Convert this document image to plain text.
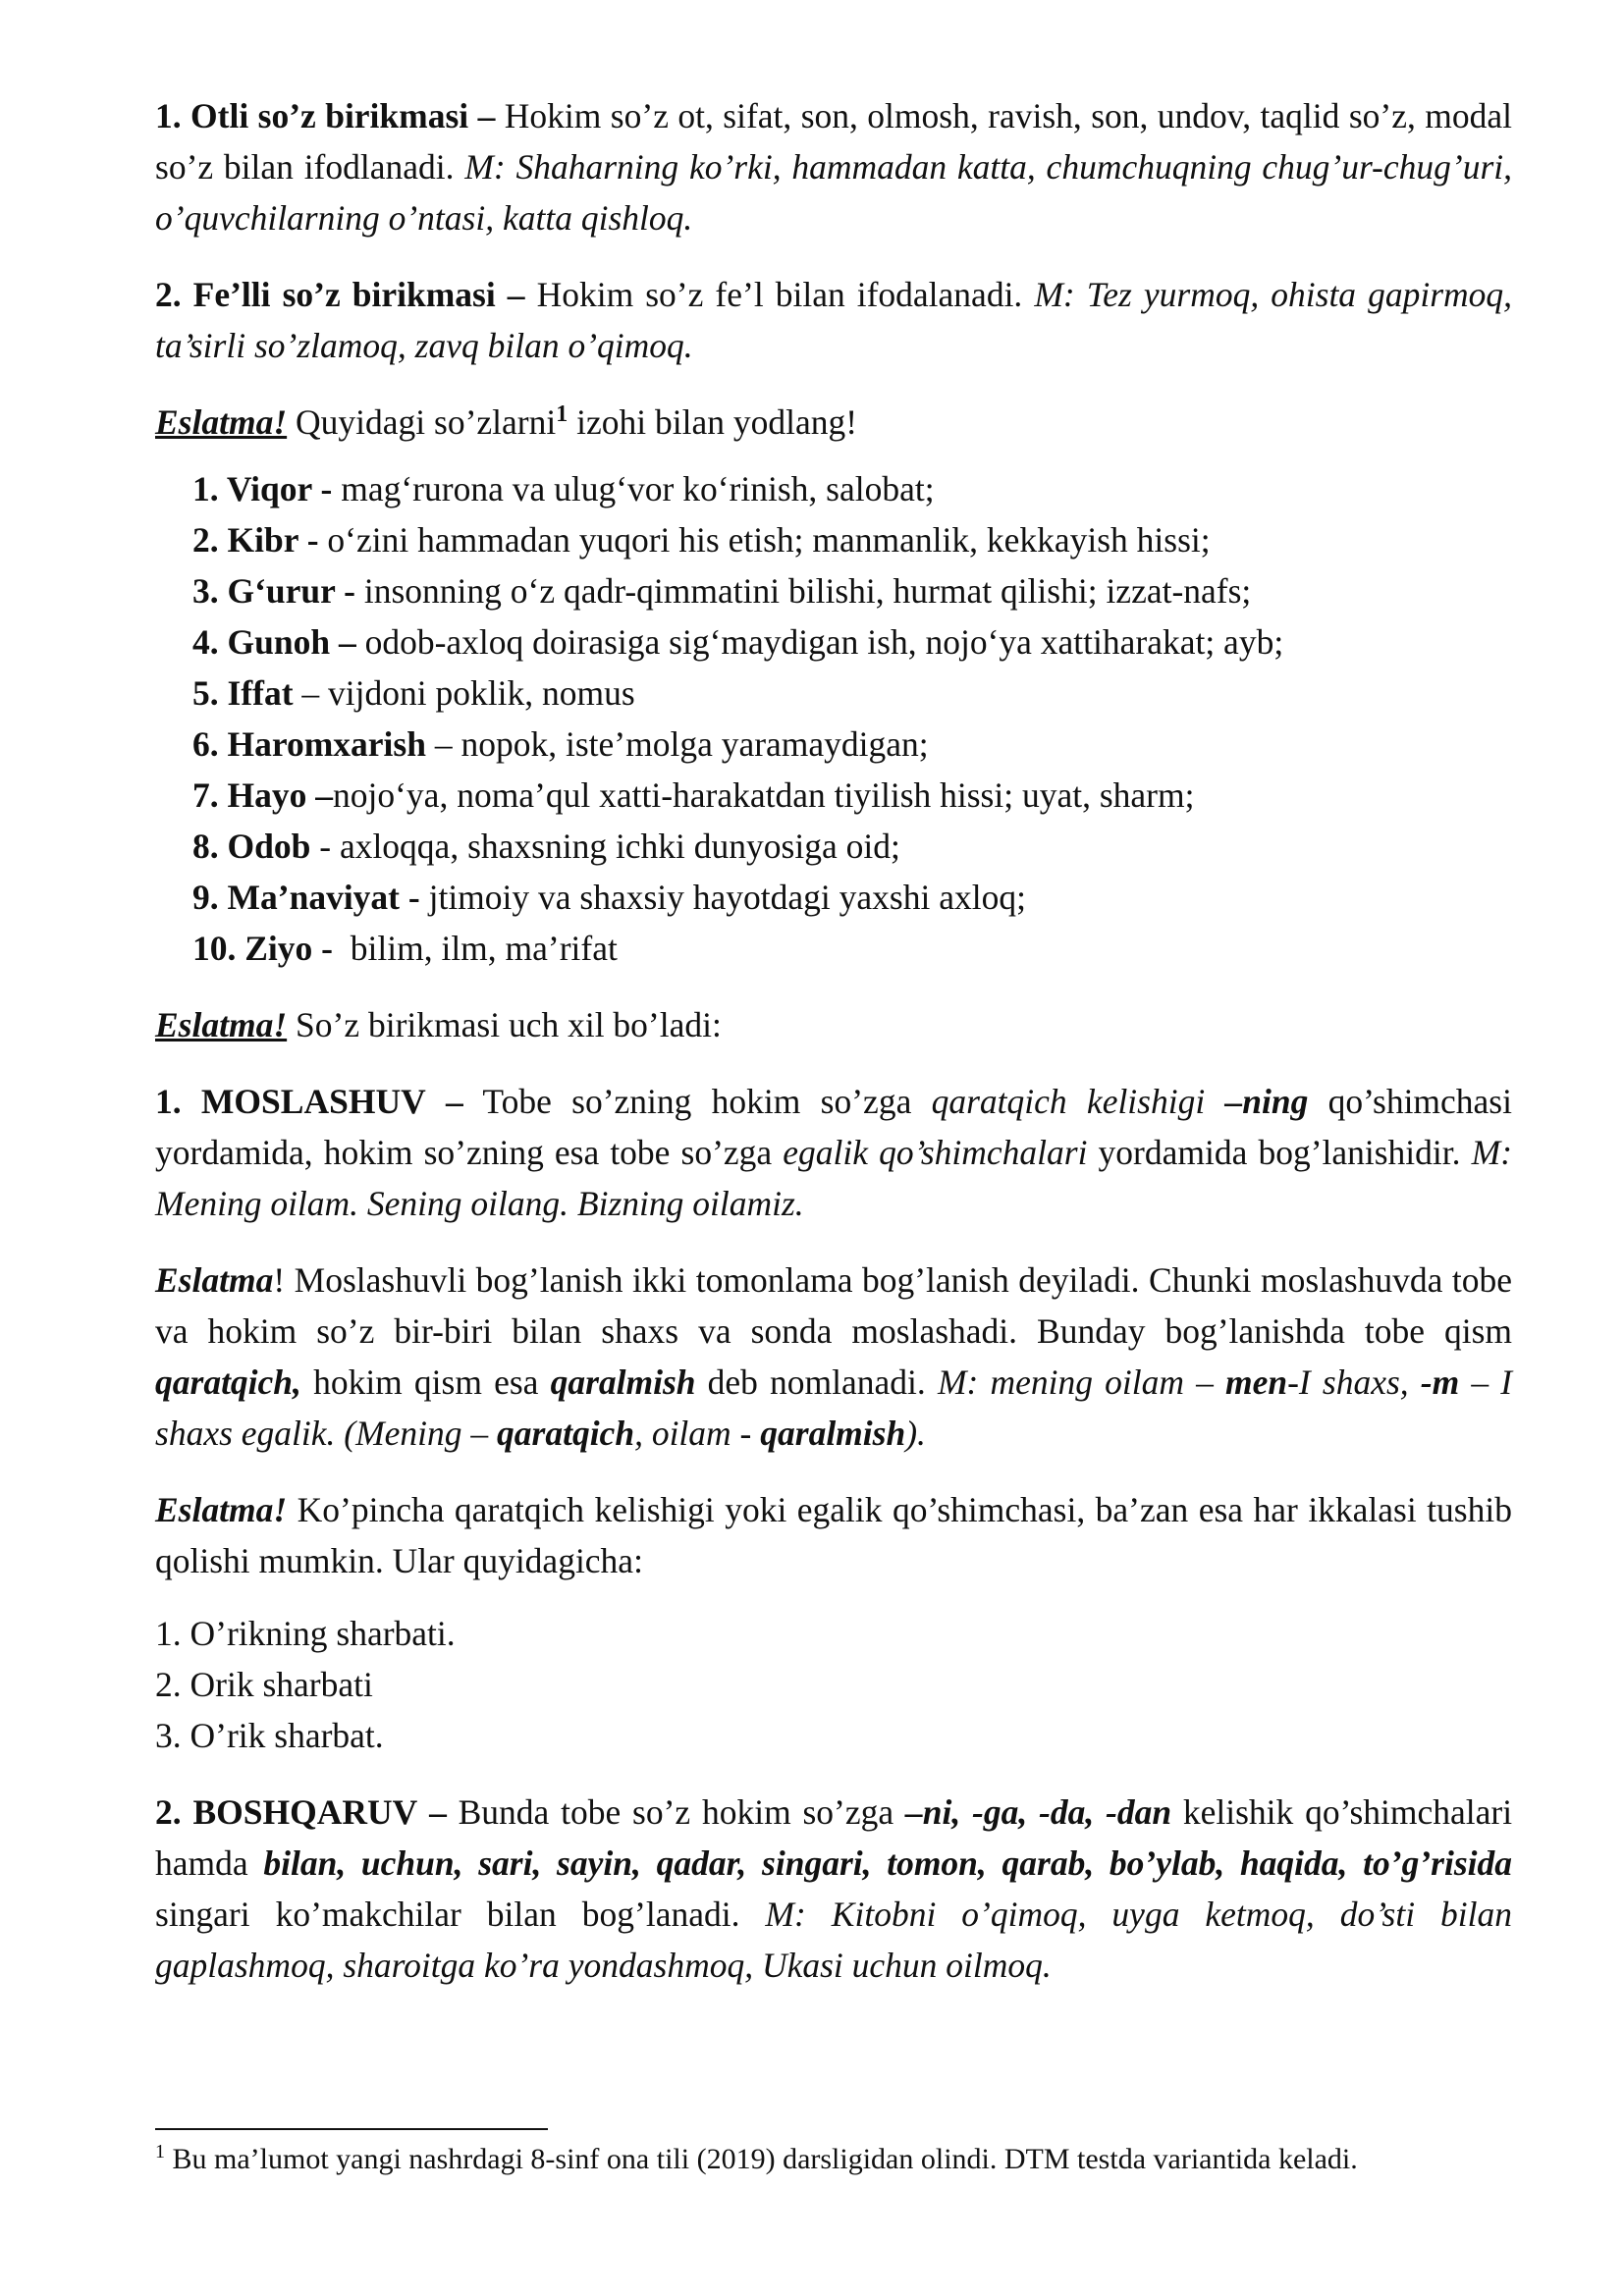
1. Otli so’z birikmasi – Hokim so’z ot, sifat, son, olmosh, ravish, son, undov, taqlid so’z, modal so’z bilan ifodlanadi. M: Shaharning ko’rki, hammadan katta, chumchuqning chug’ur-chug’uri, o’quvchilarning o’ntasi, katta qishloq.

2. Fe’lli so’z birikmasi – Hokim so’z fe’l bilan ifodalanadi. M: Tez yurmoq, ohista gapirmoq, ta’sirli so’zlamoq, zavq bilan o’qimoq.

Eslatma! Quyidagi so’zlarni$^1$ izohi bilan yodlang!

1. Viqor - mag‘rurona va ulug‘vor ko‘rinish, salobat;
2. Kibr - o‘zini hammadan yuqori his etish; manmanlik, kekkayish hissi;
3. G‘urur - insonning o‘z qadr-qimmatini bilishi, hurmat qilishi; izzat-nafs;
4. Gunoh – odob-axloq doirasiga sig‘maydigan ish, nojo‘ya xattiharakat; ayb;
5. Iffat – vijdoni poklik, nomus
6. Haromxarish – nopok, iste’molga yaramaydigan;
7. Hayo –nojo‘ya, noma’qul xatti-harakatdan tiyilish hissi; uyat, sharm;
8. Odob - axloqqa, shaxsning ichki dunyosiga oid;
9. Ma’naviyat - jtimoiy va shaxsiy hayotdagi yaxshi axloq;
10. Ziyo -  bilim, ilm, ma’rifat

Eslatma! So’z birikmasi uch xil bo’ladi:

1. MOSLASHUV – Tobe so’zning hokim so’zga qaratqich kelishigi –ning qo’shimchasi yordamida, hokim so’zning esa tobe so’zga egalik qo’shimchalari yordamida bog’lanishidir. M: Mening oilam. Sening oilang. Bizning oilamiz.

Eslatma! Moslashuvli bog’lanish ikki tomonlama bog’lanish deyiladi. Chunki moslashuvda tobe va hokim so’z bir-biri bilan shaxs va sonda moslashadi. Bunday bog’lanishda tobe qism qaratqich, hokim qism esa qaralmish deb nomlanadi. M: mening oilam – men-I shaxs, -m – I shaxs egalik. (Mening – qaratqich, oilam - qaralmish).

Eslatma! Ko’pincha qaratqich kelishigi yoki egalik qo’shimchasi, ba’zan esa har ikkalasi tushib qolishi mumkin. Ular quyidagicha:

1. O’rikning sharbati.
2. Orik sharbati
3. O’rik sharbat.

2. BOSHQARUV – Bunda tobe so’z hokim so’zga –ni, -ga, -da, -dan kelishik qo’shimchalari hamda bilan, uchun, sari, sayin, qadar, singari, tomon, qarab, bo’ylab, haqida, to’g’risida singari ko’makchilar bilan bog’lanadi. M: Kitobni o’qimoq, uyga ketmoq, do’sti bilan gaplashmoq, sharoitga ko’ra yondashmoq, Ukasi uchun oilmoq.

$^1$ Bu ma’lumot yangi nashrdagi 8-sinf ona tili (2019) darsligidan olindi. DTM testda variantida keladi.
